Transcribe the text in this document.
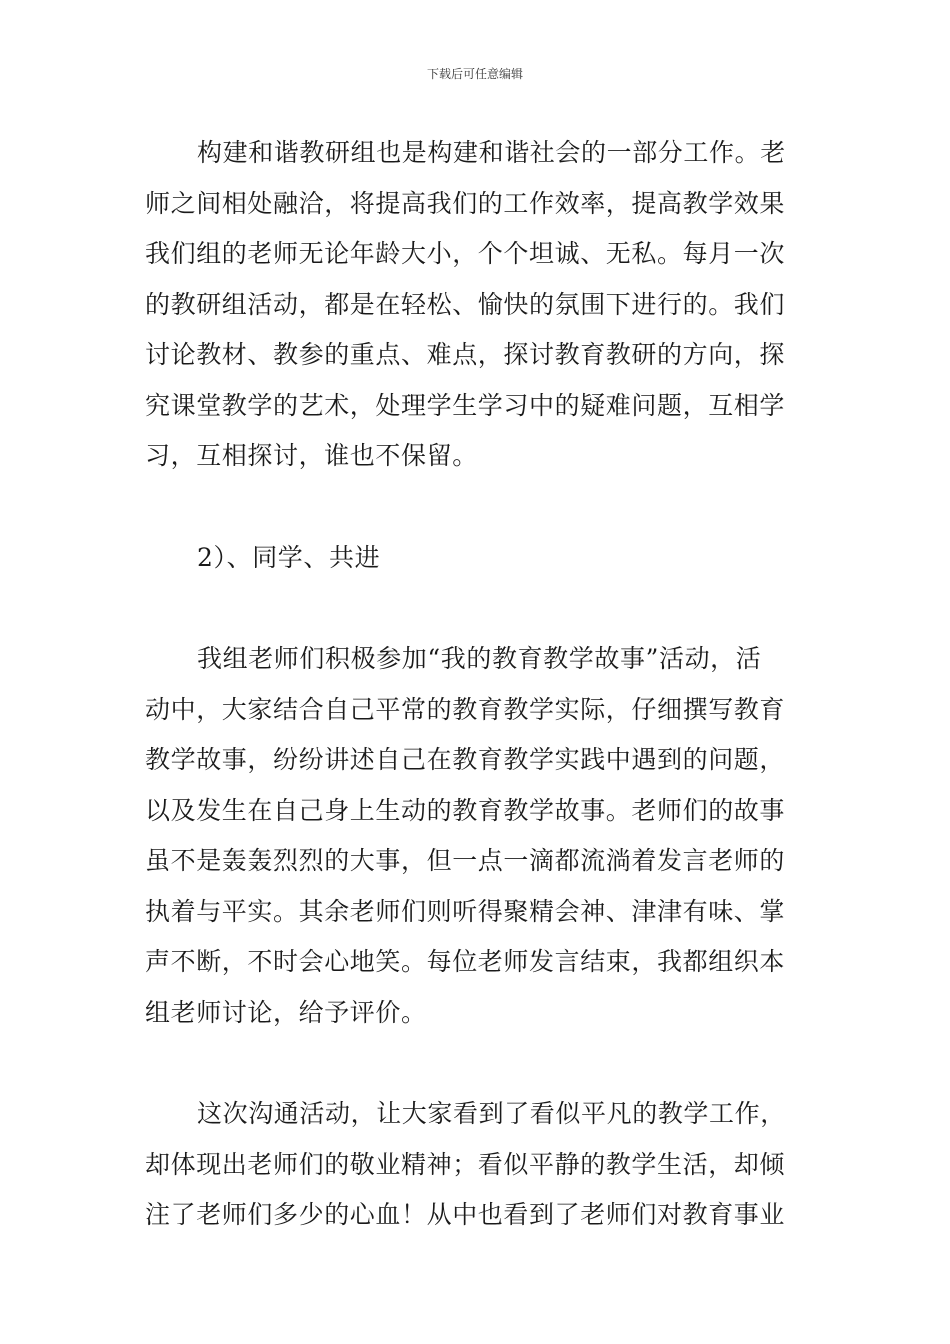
下载后可任意编辑
构建和谐教研组也是构建和谐社会的一部分工作。老
师之间相处融洽，将提高我们的工作效率，提高教学效果
我们组的老师无论年龄大小，个个坦诚、无私。每月一次
的教研组活动，都是在轻松、愉快的氛围下进行的。我们
讨论教材、教参的重点、难点，探讨教育教研的方向，探
究课堂教学的艺术，处理学生学习中的疑难问题，互相学
习，互相探讨，谁也不保留。
2）、同学、共进
我组老师们积极参加“我的教育教学故事”活动，活
动中，大家结合自己平常的教育教学实际，仔细撰写教育
教学故事，纷纷讲述自己在教育教学实践中遇到的问题，
以及发生在自己身上生动的教育教学故事。老师们的故事
虽不是轰轰烈烈的大事，但一点一滴都流淌着发言老师的
执着与平实。其余老师们则听得聚精会神、津津有味、掌
声不断，不时会心地笑。每位老师发言结束，我都组织本
组老师讨论，给予评价。
这次沟通活动，让大家看到了看似平凡的教学工作，
却体现出老师们的敬业精神；看似平静的教学生活，却倾
注了老师们多少的心血！从中也看到了老师们对教育事业
